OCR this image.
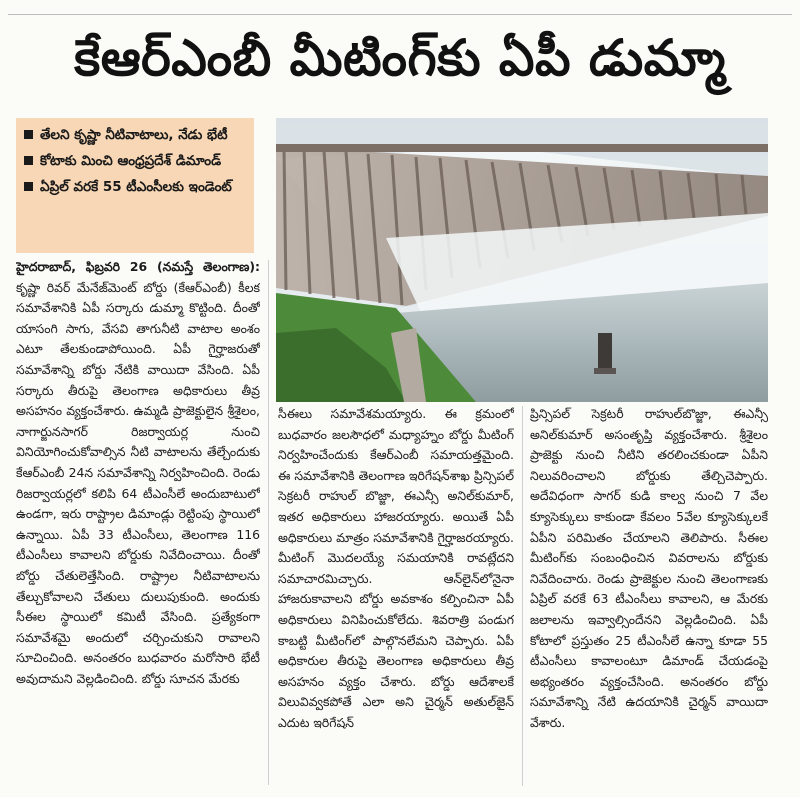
కేఆర్ఎంబీ మీటింగ్‌కు ఏపీ డుమ్మా
తేలని కృష్ణా నీటివాటాలు, నేడు భేటీ
కోటాకు మించి ఆంధ్రప్రదేశ్ డిమాండ్
ఏప్రిల్ వరకే 55 టీఎంసీలకు ఇండెంట్

హైదరాబాద్, ఫిబ్రవరి 26 (నమస్తే తెలంగాణ): కృష్ణా రివర్ మేనేజ్‌మెంట్ బోర్డు (కేఆర్ఎంబీ) కీలక సమావేశానికి ఏపీ సర్కారు డుమ్మా కొట్టింది. దీంతో యాసంగి సాగు, వేసవి తాగునీటి వాటాల అంశం ఎటూ తేలకుండాపోయింది. ఏపీ గైర్హాజరుతో సమావేశాన్ని బోర్డు నేటికి వాయిదా వేసింది. ఏపీ సర్కారు తీరుపై తెలంగాణ అధికారులు తీవ్ర అసహనం వ్యక్తంచేశారు. ఉమ్మడి ప్రాజెక్టులైన శ్రీశైలం, నాగార్జునసాగర్ రిజర్వాయర్ల నుంచి వినియోగించుకోవాల్సిన నీటి వాటాలను తేల్చేందుకు కేఆర్ఎంబీ 24న సమావేశాన్ని నిర్వహించింది. రెండు రిజర్వాయర్లలో కలిపి 64 టీఎంసీలే అందుబాటులో ఉండగా, ఇరు రాష్ట్రాల డిమాండ్లు రెట్టింపు స్థాయిలో ఉన్నాయి. ఏపీ 33 టీఎంసీలు, తెలంగాణ 116 టీఎంసీలు కావాలని బోర్డుకు నివేదించాయి. దీంతో బోర్డు చేతులెత్తేసింది. రాష్ట్రాల నీటివాటాలను తేల్చుకోవాలని చేతులు దులుపుకుంది. అందుకు సీఈల స్థాయిలో కమిటీ వేసింది. ప్రత్యేకంగా సమావేశమై అందులో చర్చించుకుని రావాలని సూచించింది. అనంతరం బుధవారం మరోసారి భేటీ అవుదామని వెల్లడించింది. బోర్డు సూచన మేరకు

సీఈలు సమావేశమయ్యారు. ఈ క్రమంలో బుధవారం జలసౌధలో మధ్యాహ్నం బోర్డు మీటింగ్ నిర్వహించేందుకు కేఆర్ఎంబీ సమాయత్తమైంది. ఈ సమావేశానికి తెలంగాణ ఇరిగేషన్‌శాఖ ప్రిన్సిపల్ సెక్రటరీ రాహుల్ బొజ్జా, ఈఎన్సీ అనిల్‌కుమార్, ఇతర అధికారులు హాజరయ్యారు. అయితే ఏపీ అధికారులు మాత్రం సమావేశానికి గైర్హాజరయ్యారు. మీటింగ్ మొదలయ్యే సమయానికి రావట్లేదని సమాచారమిచ్చారు. ఆన్‌లైన్‌లోనైనా హాజరుకావాలని బోర్డు అవకాశం కల్పించినా ఏపీ అధికారులు వినిపించుకోలేదు. శివరాత్రి పండుగ కాబట్టి మీటింగ్‌లో పాల్గొనలేమని చెప్పారు. ఏపీ అధికారుల తీరుపై తెలంగాణ అధికారులు తీవ్ర అసహనం వ్యక్తం చేశారు. బోర్డు ఆదేశాలకే విలువివ్వకపోతే ఎలా అని చైర్మన్ అతుల్‌జైన్ ఎదుట ఇరిగేషన్

ప్రిన్సిపల్ సెక్రటరీ రాహుల్‌బొజ్జా, ఈఎన్సీ అనిల్‌కుమార్ అసంతృప్తి వ్యక్తంచేశారు. శ్రీశైలం ప్రాజెక్టు నుంచి నీటిని తరలించకుండా ఏపీని నిలువరించాలని బోర్డుకు తేల్చిచెప్పారు. అదేవిధంగా సాగర్ కుడి కాల్వ నుంచి 7 వేల క్యూసెక్కులు కాకుండా కేవలం 5వేల క్యూసెక్కులకే ఏపీని పరిమితం చేయాలని తెలిపారు. సీఈల మీటింగ్‌కు సంబంధించిన వివరాలను బోర్డుకు నివేదించారు. రెండు ప్రాజెక్టుల నుంచి తెలంగాణకు ఏప్రిల్ వరకే 63 టీఎంసీలు కావాలని, ఆ మేరకు జలాలను ఇవ్వాల్సిందేనని వెల్లడించింది. ఏపీ కోటాలో ప్రస్తుతం 25 టీఎంసీలే ఉన్నా కూడా 55 టీఎంసీలు కావాలంటూ డిమాండ్ చేయడంపై అభ్యంతరం వ్యక్తంచేసింది. అనంతరం బోర్డు సమావేశాన్ని నేటి ఉదయానికి చైర్మన్ వాయిదా వేశారు.
